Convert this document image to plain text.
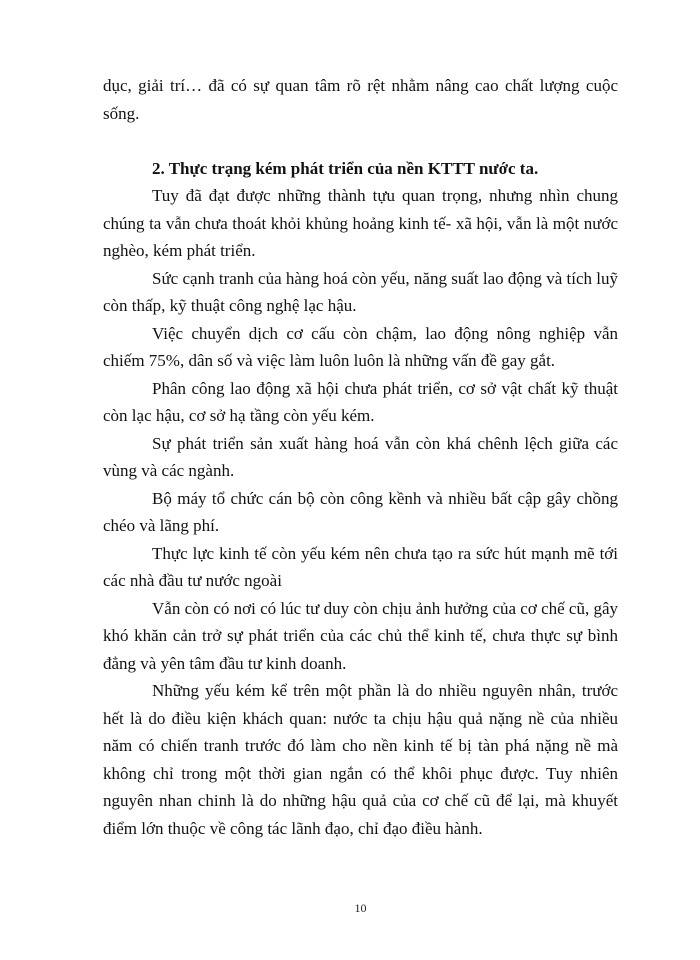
dục, giải trí… đã có sự quan tâm rõ rệt nhằm nâng cao chất lượng cuộc sống.

2. Thực trạng kém phát triển của nền KTTT nước ta.

Tuy đã đạt được những thành tựu quan trọng, nhưng nhìn chung chúng ta vẫn chưa thoát khỏi khủng hoảng kinh tế- xã hội, vẫn là một nước nghèo, kém phát triển.

Sức cạnh tranh của hàng hoá còn yếu, năng suất lao động và tích luỹ còn thấp, kỹ thuật công nghệ lạc hậu.

Việc chuyển dịch cơ cấu còn chậm, lao động nông nghiệp vẫn chiếm 75%, dân số và việc làm luôn luôn là những vấn đề gay gắt.

Phân công lao động xã hội chưa phát triển, cơ sở vật chất kỹ thuật còn lạc hậu, cơ sở hạ tầng còn yếu kém.

Sự phát triển sản xuất hàng hoá vẫn còn khá chênh lệch giữa các vùng và các ngành.

Bộ máy tổ chức cán bộ còn công kềnh và nhiều bất cập gây chồng chéo và lãng phí.

Thực lực kinh tế còn yếu kém nên chưa tạo ra sức hút mạnh mẽ tới các nhà đầu tư nước ngoài

Vẫn còn có nơi có lúc tư duy còn chịu ảnh hưởng của cơ chế cũ, gây khó khăn cản trở sự phát triển của các chủ thể kinh tế, chưa thực sự bình đẳng và yên tâm đầu tư kinh doanh.

Những yếu kém kể trên một phần là do nhiều nguyên nhân, trước hết là do điều kiện khách quan: nước ta chịu hậu quả nặng nề của nhiều năm có chiến tranh trước đó làm cho nền kinh tế bị tàn phá nặng nề mà không chỉ trong một thời gian ngắn có thể khôi phục được. Tuy nhiên nguyên nhan chinh là do những hậu quả của cơ chế cũ để lại, mà khuyết điểm lớn thuộc về công tác lãnh đạo, chỉ đạo điều hành.

10
